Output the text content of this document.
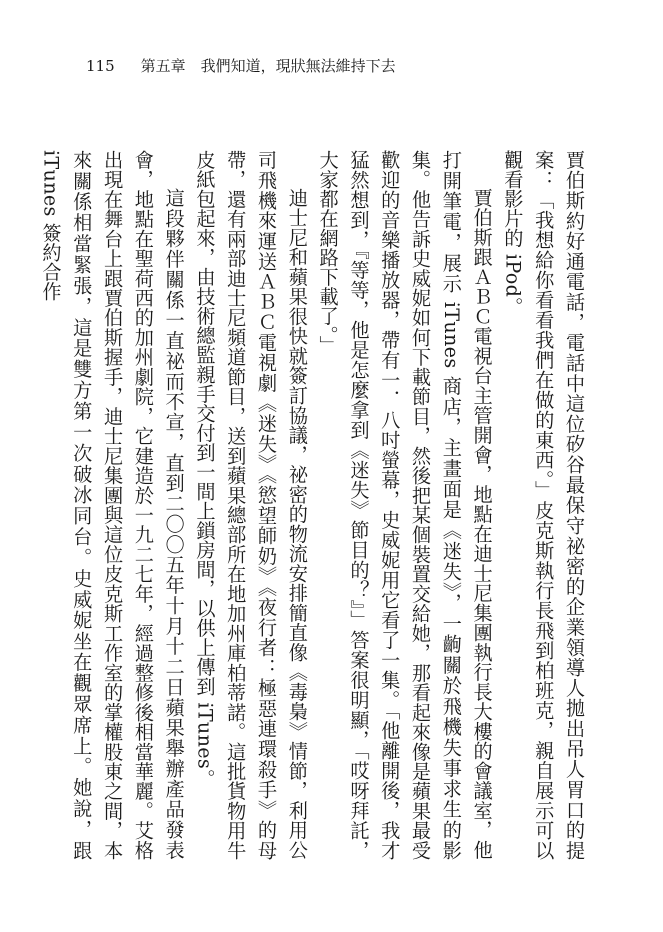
115 第五章　我們知道，現狀無法維持下去

賈伯斯約好通電話，電話中這位矽谷最保守祕密的企業領導人拋出吊人胃口的提案：「我想給你看看我們在做的東西。」皮克斯執行長飛到柏班克，親自展示可以觀看影片的 iPod。

賈伯斯跟ＡＢＣ電視台主管開會，地點在迪士尼集團執行長大樓的會議室，他打開筆電，展示 iTunes 商店，主畫面是《迷失》，一齣關於飛機失事求生的影集。他告訴史威妮如何下載節目，然後把某個裝置交給她，那看起來像是蘋果最受歡迎的音樂播放器，帶有一．八吋螢幕，史威妮用它看了一集。「他離開後，我才猛然想到，『等等，他是怎麼拿到《迷失》節目的？』」答案很明顯，「哎呀拜託，大家都在網路下載了。」

迪士尼和蘋果很快就簽訂協議，祕密的物流安排簡直像《毒梟》情節，利用公司飛機來運送ＡＢＣ電視劇《迷失》《慾望師奶》《夜行者：極惡連環殺手》的母帶，還有兩部迪士尼頻道節目，送到蘋果總部所在地加州庫柏蒂諾。這批貨物用牛皮紙包起來，由技術總監親手交付到一間上鎖房間，以供上傳到 iTunes。

這段夥伴關係一直祕而不宣，直到二〇〇五年十月十二日蘋果舉辦產品發表會，地點在聖荷西的加州劇院，它建造於一九二七年，經過整修後相當華麗。艾格出現在舞台上跟賈伯斯握手，迪士尼集團與這位皮克斯工作室的掌權股東之間，本來關係相當緊張，這是雙方第一次破冰同台。史威妮坐在觀眾席上。她說，跟 iTunes 簽約合作
